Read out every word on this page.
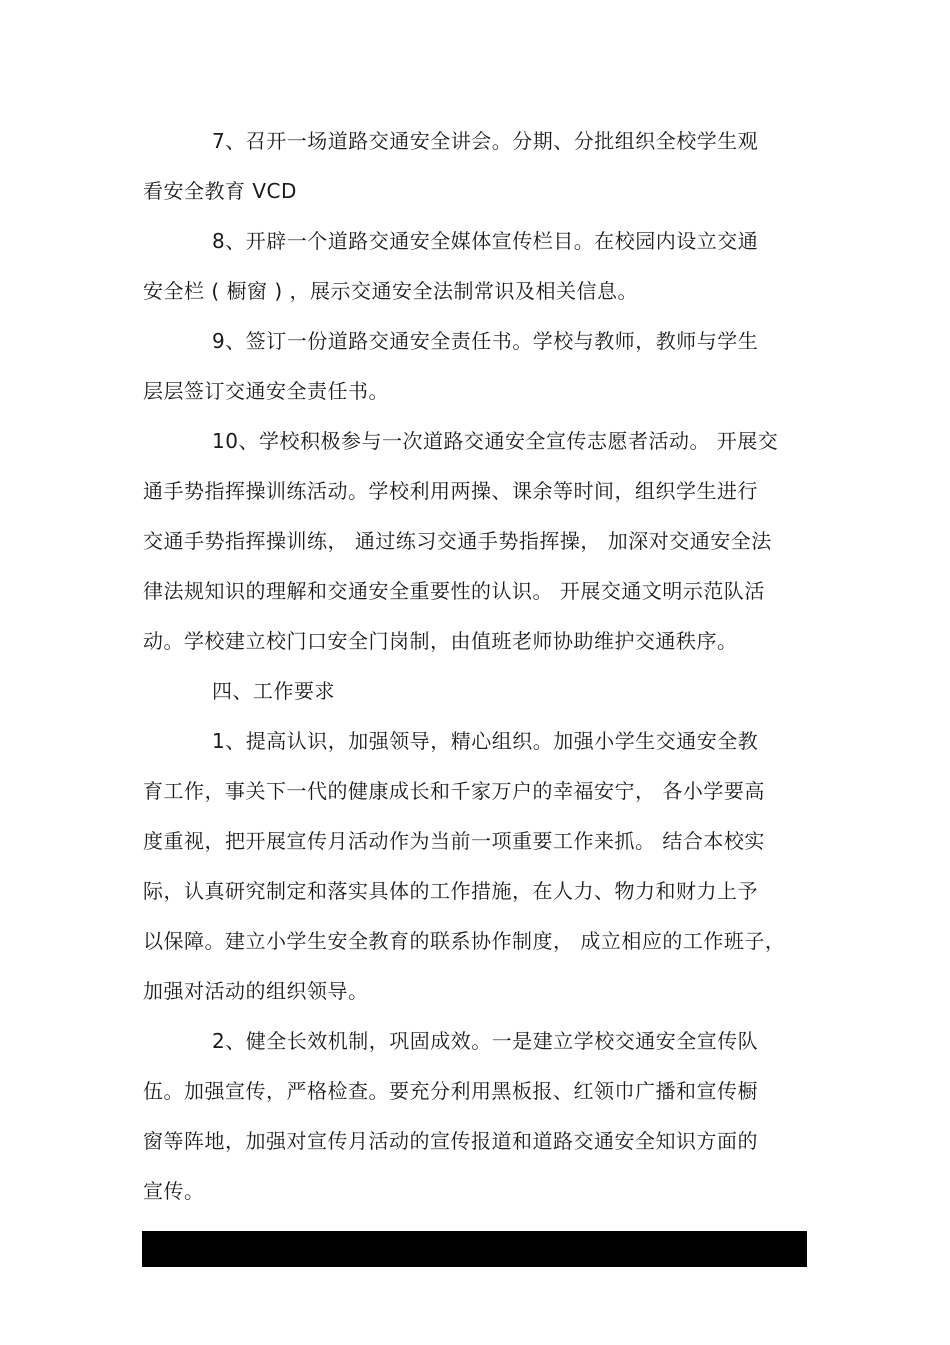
7、召开一场道路交通安全讲会。分期、分批组织全校学生观
看安全教育 VCD
8、开辟一个道路交通安全媒体宣传栏目。在校园内设立交通
安全栏 ( 橱窗 ) ，展示交通安全法制常识及相关信息。
9、签订一份道路交通安全责任书。学校与教师，教师与学生
层层签订交通安全责任书。
10、学校积极参与一次道路交通安全宣传志愿者活动。 开展交
通手势指挥操训练活动。学校利用两操、课余等时间，组织学生进行
交通手势指挥操训练， 通过练习交通手势指挥操， 加深对交通安全法
律法规知识的理解和交通安全重要性的认识。 开展交通文明示范队活
动。学校建立校门口安全门岗制，由值班老师协助维护交通秩序。
四、工作要求
1、提高认识，加强领导，精心组织。加强小学生交通安全教
育工作，事关下一代的健康成长和千家万户的幸福安宁， 各小学要高
度重视，把开展宣传月活动作为当前一项重要工作来抓。 结合本校实
际，认真研究制定和落实具体的工作措施，在人力、物力和财力上予
以保障。建立小学生安全教育的联系协作制度， 成立相应的工作班子，
加强对活动的组织领导。
2、健全长效机制，巩固成效。一是建立学校交通安全宣传队
伍。加强宣传，严格检查。要充分利用黑板报、红领巾广播和宣传橱
窗等阵地，加强对宣传月活动的宣传报道和道路交通安全知识方面的
宣传。
